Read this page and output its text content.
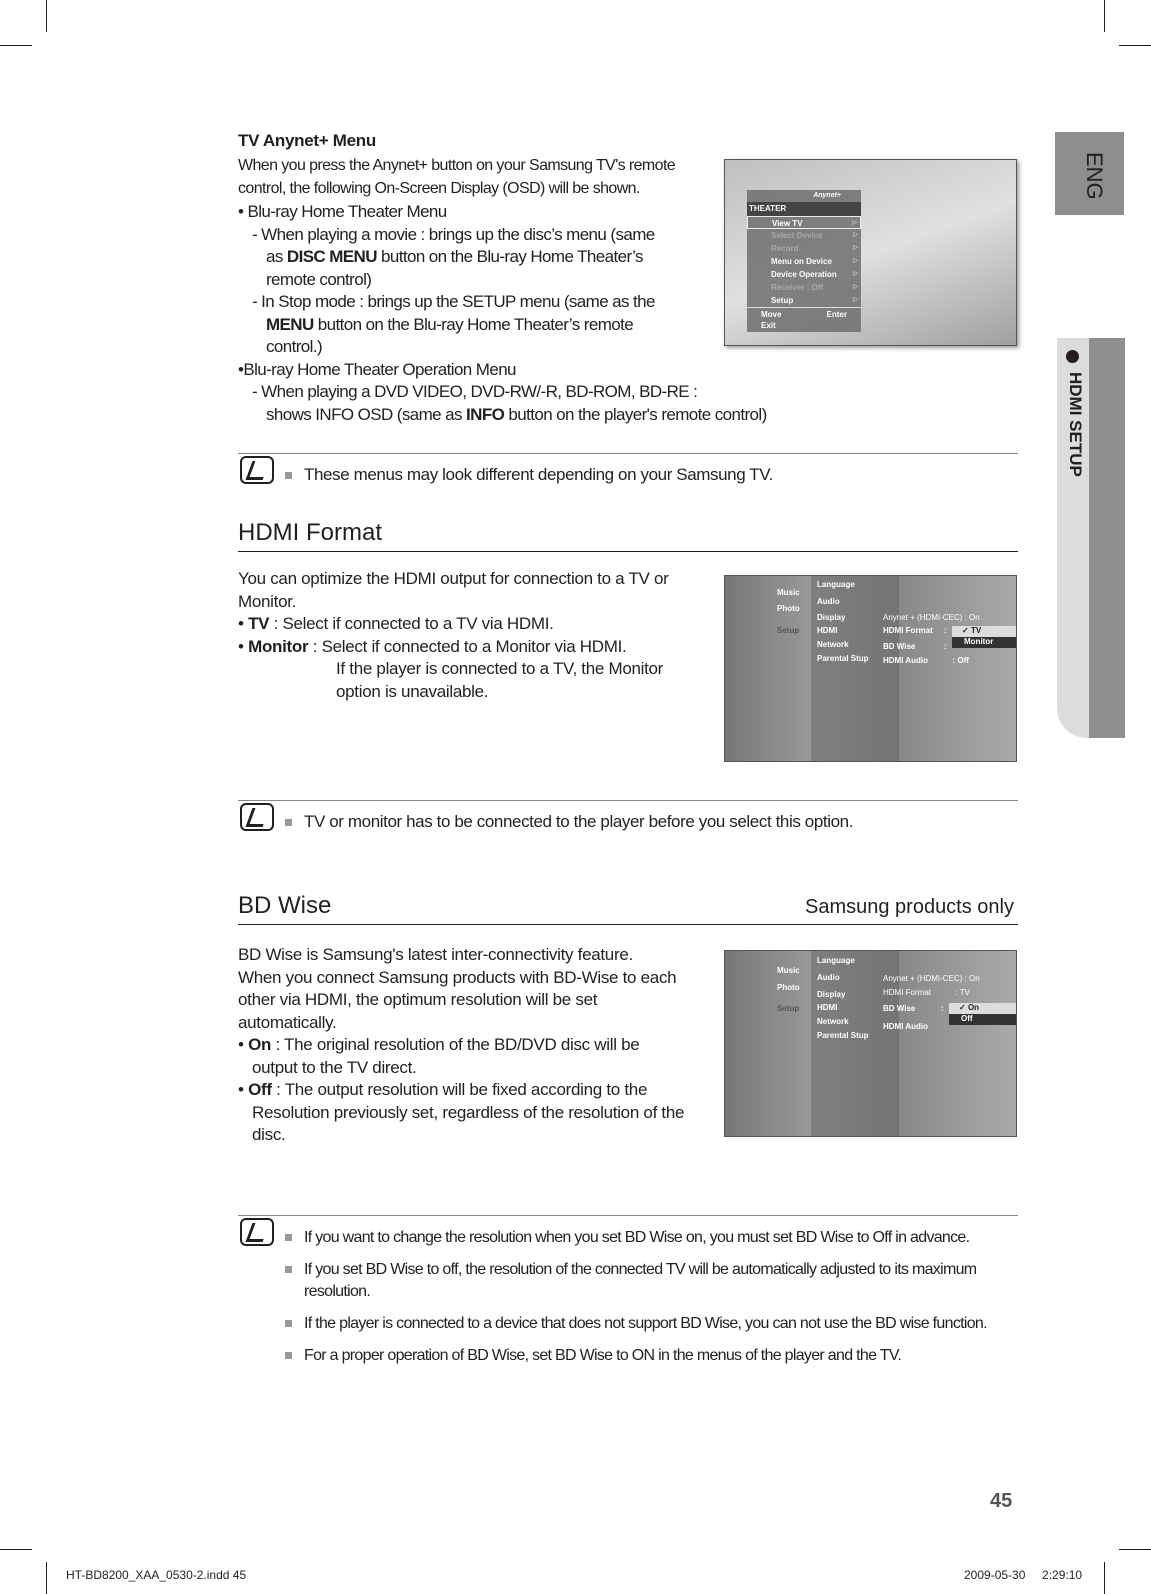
ENG
HDMI SETUP
TV Anynet+ Menu
When you press the Anynet+ button on your Samsung TV's remote
control, the following On-Screen Display (OSD) will be shown.
• Blu-ray Home Theater Menu
- When playing a movie : brings up the disc’s menu (same
as DISC MENU button on the Blu-ray Home Theater’s
remote control)
- In Stop mode : brings up the SETUP menu (same as the
MENU button on the Blu-ray Home Theater’s remote
control.)
•Blu-ray Home Theater Operation Menu
- When playing a DVD VIDEO, DVD-RW/-R, BD-ROM, BD-RE :
shows INFO OSD (same as INFO button on the player's remote control)
Anynet+
THEATER
View TV ▷
Select Device ▷
Record ▷
Menu on Device ▷
Device Operation ▷
Receiver : Off ▷
Setup ▷
Move	Enter
Exit
These menus may look different depending on your Samsung TV.
HDMI Format
You can optimize the HDMI output for connection to a TV or
Monitor.
• TV : Select if connected to a TV via HDMI.
• Monitor : Select if connected to a Monitor via HDMI.
If the player is connected to a TV, the Monitor
option is unavailable.
Music
Photo
Setup
Language
Audio
Display
HDMI
Network
Parental Stup
Anynet + (HDMI-CEC) : On
HDMI Format :
BD Wise	:
HDMI Audio	: Off
✓ TV
Monitor
TV or monitor has to be connected to the player before you select this option.
BD Wise	Samsung products only
BD Wise is Samsung's latest inter-connectivity feature.
When you connect Samsung products with BD-Wise to each
other via HDMI, the optimum resolution will be set
automatically.
• On : The original resolution of the BD/DVD disc will be
output to the TV direct.
• Off : The output resolution will be fixed according to the
Resolution previously set, regardless of the resolution of the
disc.
Music
Photo
Setup
Language
Audio
Display
HDMI
Network
Parental Stup
Anynet + (HDMI-CEC) : On
HDMI Format	: TV
BD Wise	:
HDMI Audio
✓ On
Off
If you want to change the resolution when you set BD Wise on, you must set BD Wise to Off in advance.
If you set BD Wise to off, the resolution of the connected TV will be automatically adjusted to its maximum
resolution.
If the player is connected to a device that does not support BD Wise, you can not use the BD wise function.
For a proper operation of BD Wise, set BD Wise to ON in the menus of the player and the TV.
45
HT-BD8200_XAA_0530-2.indd 45	2009-05-30     2:29:10
